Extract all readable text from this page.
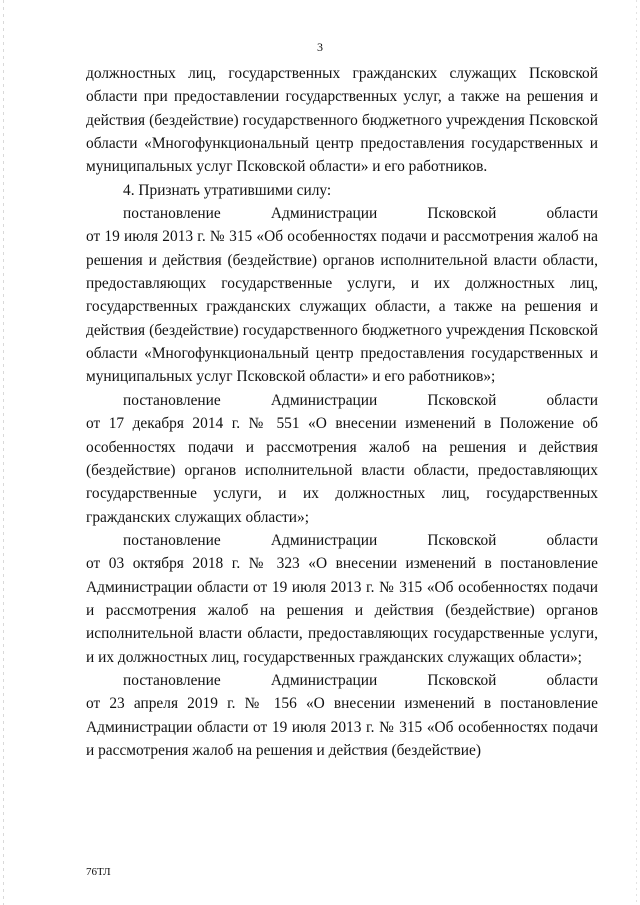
3

должностных лиц, государственных гражданских служащих Псковской области при предоставлении государственных услуг, а также на решения и действия (бездействие) государственного бюджетного учреждения Псковской области «Многофункциональный центр предоставления государственных и муниципальных услуг Псковской области» и его работников.

4. Признать утратившими силу:

постановление Администрации Псковской области

от 19 июля 2013 г. № 315 «Об особенностях подачи и рассмотрения жалоб на решения и действия (бездействие) органов исполнительной власти области, предоставляющих государственные услуги, и их должностных лиц, государственных гражданских служащих области, а также на решения и действия (бездействие) государственного бюджетного учреждения Псковской области «Многофункциональный центр предоставления государственных и муниципальных услуг Псковской области» и его работников»;

постановление Администрации Псковской области

от 17 декабря 2014 г. № 551 «О внесении изменений в Положение об особенностях подачи и рассмотрения жалоб на решения и действия (бездействие) органов исполнительной власти области, предоставляющих государственные услуги, и их должностных лиц, государственных гражданских служащих области»;

постановление Администрации Псковской области

от 03 октября 2018 г. № 323 «О внесении изменений в постановление Администрации области от 19 июля 2013 г. № 315 «Об особенностях подачи и рассмотрения жалоб на решения и действия (бездействие) органов исполнительной власти области, предоставляющих государственные услуги, и их должностных лиц, государственных гражданских служащих области»;

постановление Администрации Псковской области

от 23 апреля 2019 г. № 156 «О внесении изменений в постановление Администрации области от 19 июля 2013 г. № 315 «Об особенностях подачи и рассмотрения жалоб на решения и действия (бездействие)

76ТЛ
